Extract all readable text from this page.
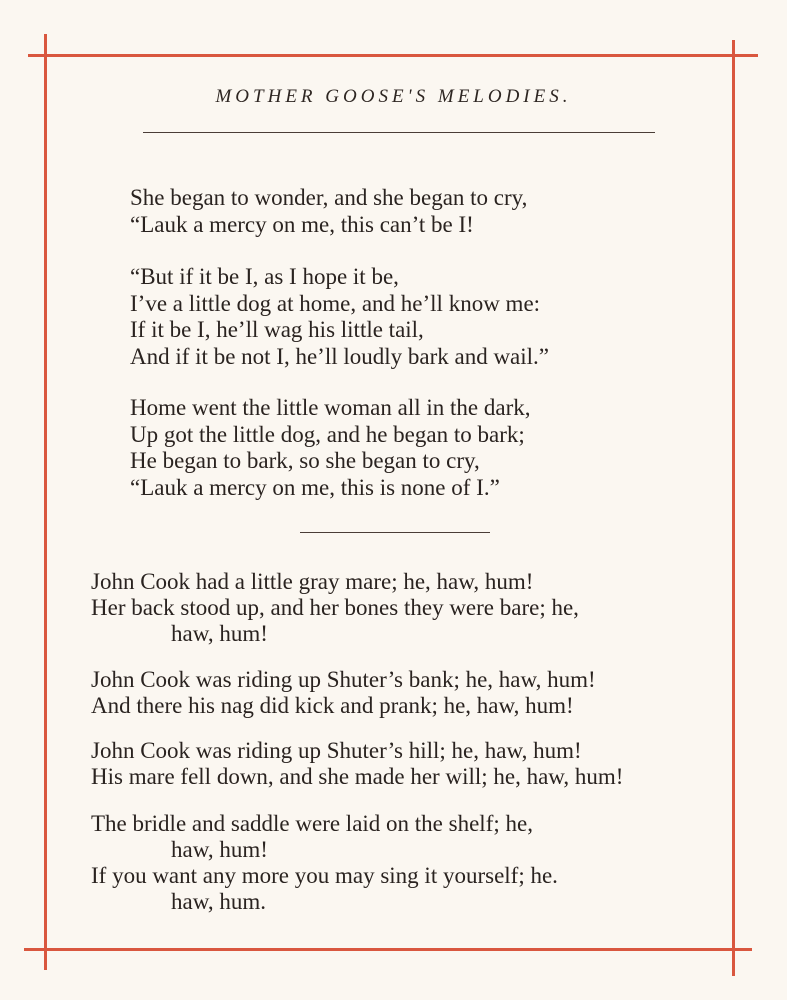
MOTHER GOOSE'S MELODIES.
She began to wonder, and she began to cry,
“Lauk a mercy on me, this can’t be I!
“But if it be I, as I hope it be,
I’ve a little dog at home, and he’ll know me:
If it be I, he’ll wag his little tail,
And if it be not I, he’ll loudly bark and wail.”
Home went the little woman all in the dark,
Up got the little dog, and he began to bark;
He began to bark, so she began to cry,
“Lauk a mercy on me, this is none of I.”
John Cook had a little gray mare; he, haw, hum!
Her back stood up, and her bones they were bare; he,
haw, hum!
John Cook was riding up Shuter’s bank; he, haw, hum!
And there his nag did kick and prank; he, haw, hum!
John Cook was riding up Shuter’s hill; he, haw, hum!
His mare fell down, and she made her will; he, haw, hum!
The bridle and saddle were laid on the shelf; he,
haw, hum!
If you want any more you may sing it yourself; he.
haw, hum.
